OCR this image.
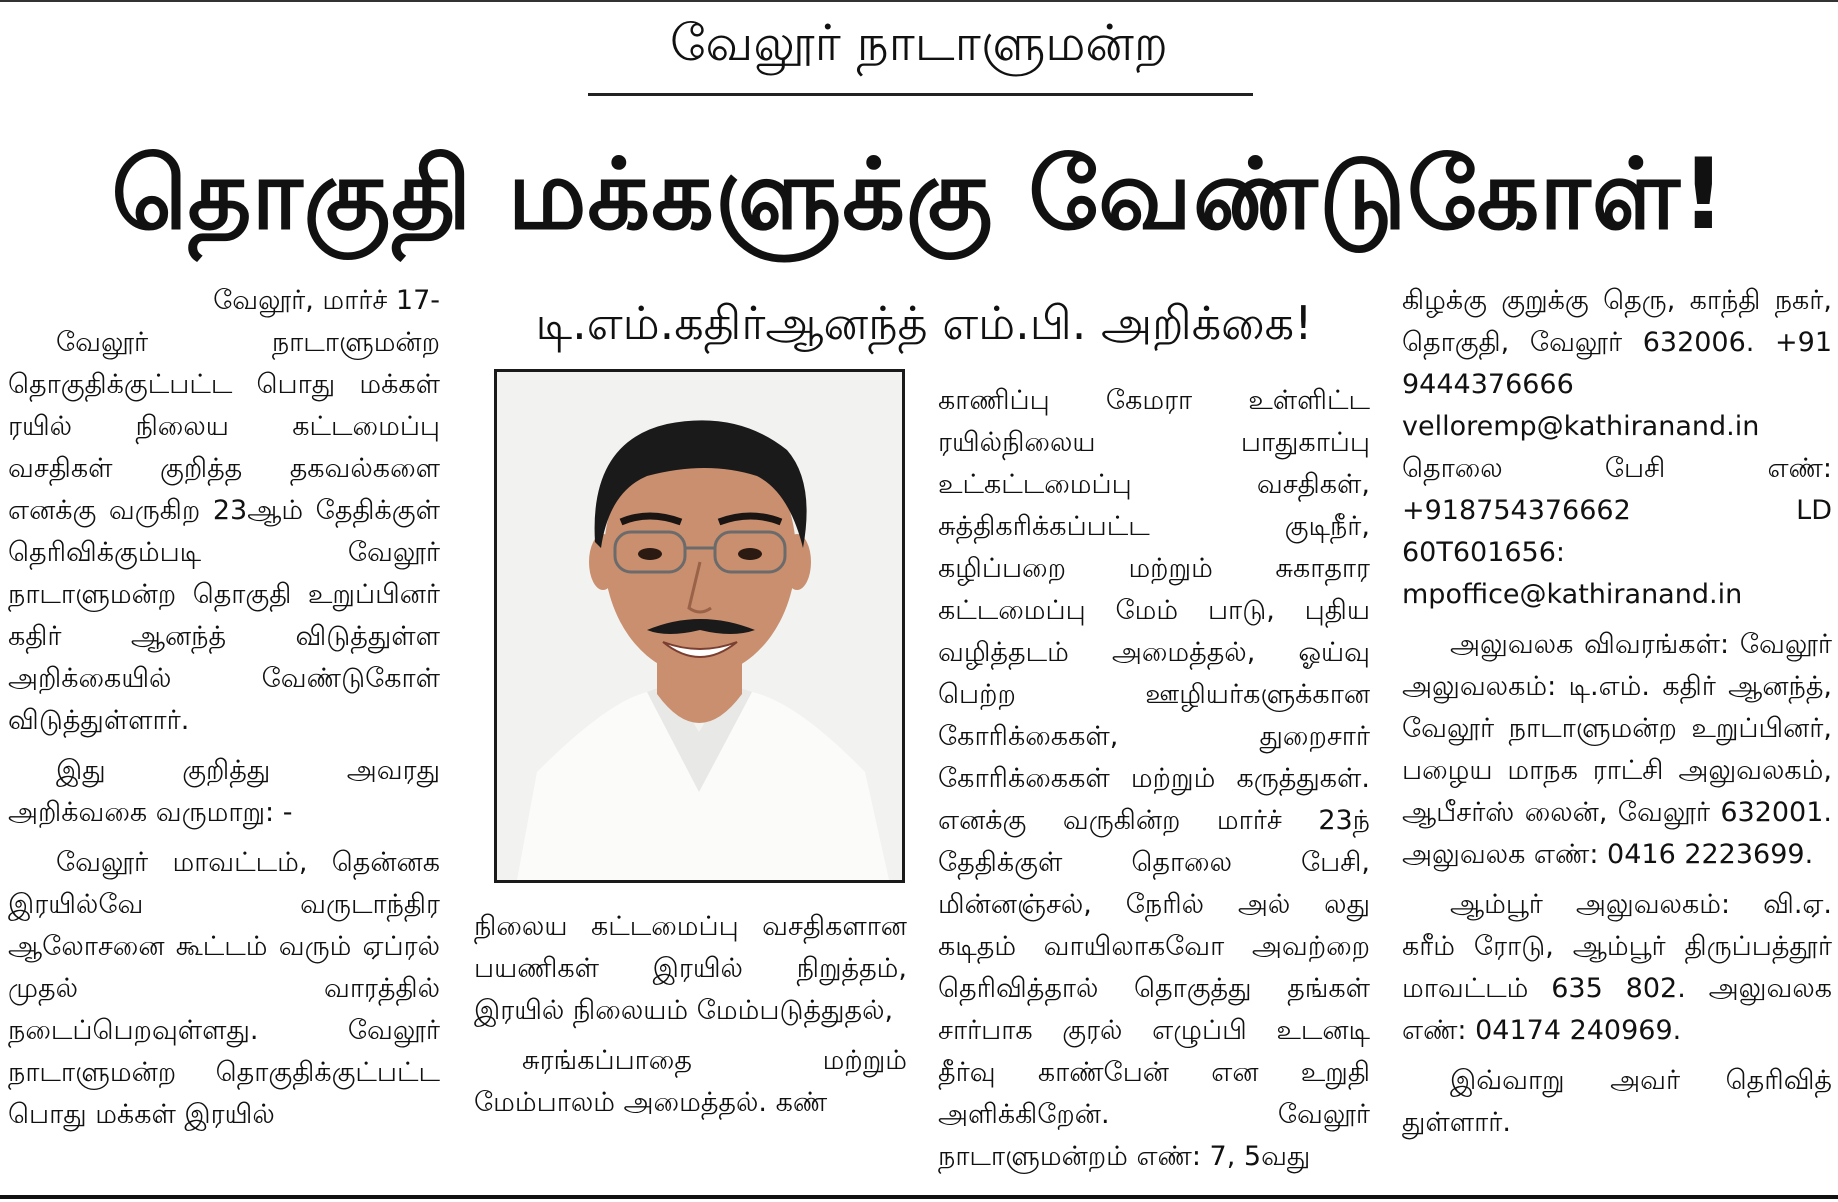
வேலூர் நாடாளுமன்ற
தொகுதி மக்களுக்கு வேண்டுகோள்!

வேலூர், மார்ச் 17-

வேலூர் நாடாளுமன்ற தொகுதிக்குட்பட்ட பொது மக்கள் ரயில் நிலைய கட்டமைப்பு வசதிகள் குறித்த தகவல்களை எனக்கு வருகிற 23ஆம் தேதிக்குள் தெரிவிக்கும்படி வேலூர் நாடாளுமன்ற தொகுதி உறுப்பினர் கதிர் ஆனந்த் விடுத்துள்ள அறிக்கையில் வேண்டுகோள் விடுத்துள்ளார்.

இது குறித்து அவரது அறிக்வகை வருமாறு: -

வேலூர் மாவட்டம், தென்னக இரயில்வே வருடாந்திர ஆலோசனை கூட்டம் வரும் ஏப்ரல் முதல் வாரத்தில் நடைப்பெறவுள்ளது. வேலூர் நாடாளுமன்ற தொகுதிக்குட்பட்ட பொது மக்கள் இரயில்

டி.எம்.கதிர்ஆனந்த் எம்.பி. அறிக்கை!

நிலைய கட்டமைப்பு வசதிகளான பயணிகள் இரயில் நிறுத்தம், இரயில் நிலையம் மேம்படுத்துதல்,

சுரங்கப்பாதை மற்றும் மேம்பாலம் அமைத்தல். கண்

காணிப்பு கேமரா உள்ளிட்ட ரயில்நிலைய பாதுகாப்பு உட்கட்டமைப்பு வசதிகள், சுத்திகரிக்கப்பட்ட குடிநீர், கழிப்பறை மற்றும் சுகாதார கட்டமைப்பு மேம் பாடு, புதிய வழித்தடம் அமைத்தல், ஓய்வு பெற்ற ஊழியர்களுக்கான கோரிக்கைகள், துறைசார் கோரிக்கைகள் மற்றும் கருத்துகள். எனக்கு வருகின்ற மார்ச் 23ந் தேதிக்குள் தொலை பேசி, மின்னஞ்சல், நேரில் அல் லது கடிதம் வாயிலாகவோ அவற்றை தெரிவித்தால் தொகுத்து தங்கள் சார்பாக குரல் எழுப்பி உடனடி தீர்வு காண்பேன் என உறுதி அளிக்கிறேன். வேலூர் நாடாளுமன்றம் எண்: 7, 5வது

கிழக்கு குறுக்கு தெரு, காந்தி நகர், தொகுதி, வேலூர் 632006. +91 9444376666 velloremp@kathiranand.in தொலை பேசி எண்: +918754376662 LD 60T601656: mpoffice@kathiranand.in

அலுவலக விவரங்கள்: வேலூர் அலுவலகம்: டி.எம். கதிர் ஆனந்த், வேலூர் நாடாளுமன்ற உறுப்பினர், பழைய மாநக ராட்சி அலுவலகம், ஆபீசர்ஸ் லைன், வேலூர் 632001. அலுவலக எண்: 0416 2223699.

ஆம்பூர் அலுவலகம்: வி.ஏ. கரீம் ரோடு, ஆம்பூர் திருப்பத்தூர் மாவட்டம் 635 802. அலுவலக எண்: 04174 240969.

இவ்வாறு அவர் தெரிவித் துள்ளார்.
